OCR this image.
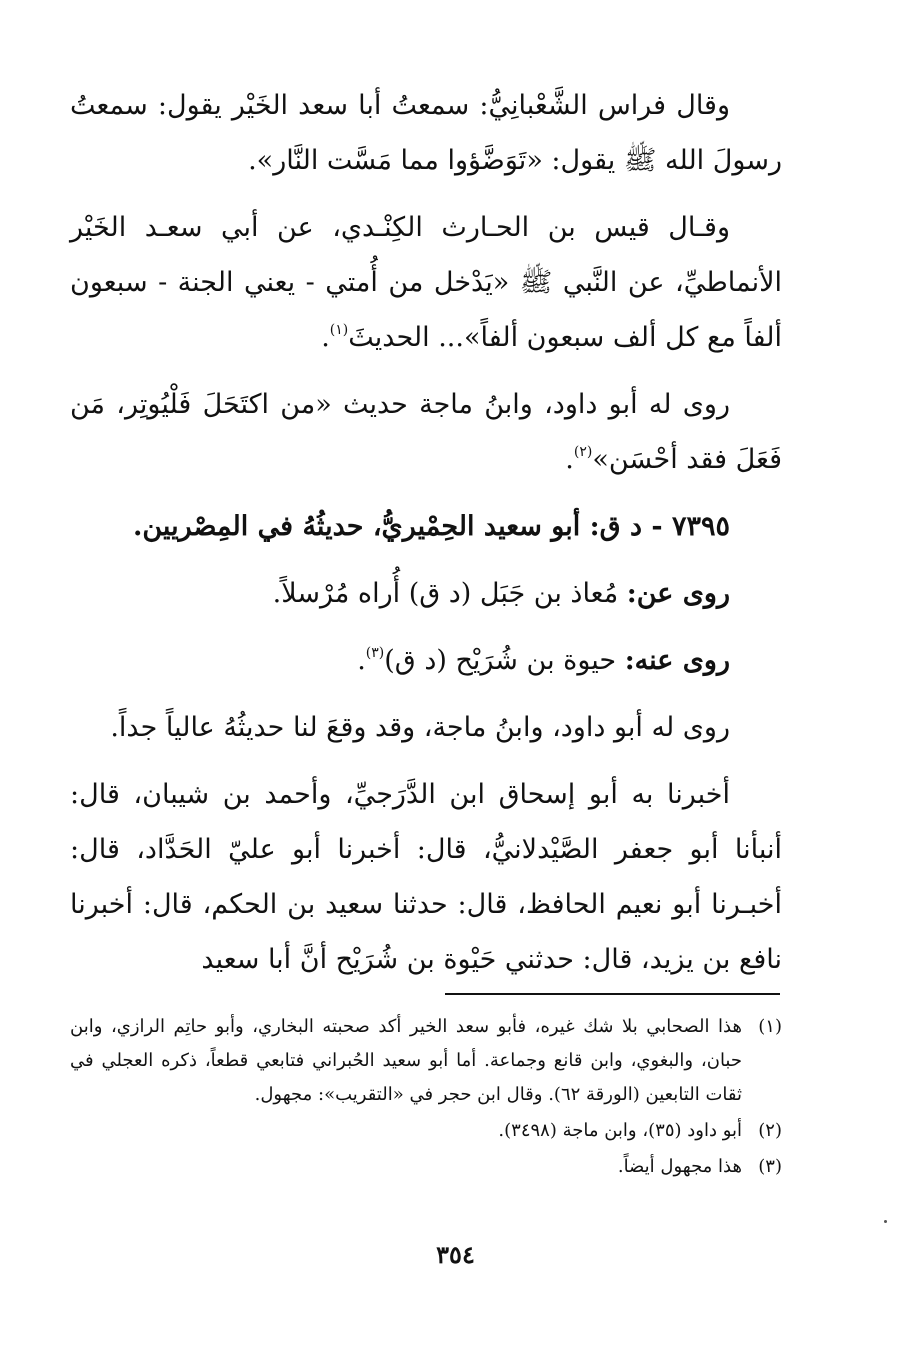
وقال فراس الشَّعْبانِيُّ: سمعتُ أبا سعد الخَيْر يقول: سمعتُ رسولَ الله ﷺ يقول: «تَوَضَّؤوا مما مَسَّت النَّار».

وقـال قيس بن الحـارث الكِنْـدي، عن أبي سعـد الخَيْر الأنماطيِّ، عن النَّبي ﷺ «يَدْخل من أُمتي - يعني الجنة - سبعون ألفاً مع كل ألف سبعون ألفاً»... الحديثَ$^{(١)}$.

روى له أبو داود، وابنُ ماجة حديث «من اكتَحَلَ فَلْيُوتِر، مَن فَعَلَ فقد أحْسَن»$^{(٢)}$.

٧٣٩٥ - د ق: أبو سعيد الحِمْيريُّ، حديثُهُ في المِصْريين.

روى عن: مُعاذ بن جَبَل (د ق) أُراه مُرْسلاً.

روى عنه: حيوة بن شُرَيْح (د ق)$^{(٣)}$.

روى له أبو داود، وابنُ ماجة، وقد وقعَ لنا حديثُهُ عالياً جداً.

أخبرنا به أبو إسحاق ابن الدَّرَجيِّ، وأحمد بن شيبان، قال: أنبأنا أبو جعفر الصَّيْدلانيُّ، قال: أخبرنا أبو عليّ الحَدَّاد، قال: أخبـرنا أبو نعيم الحافظ، قال: حدثنا سعيد بن الحكم، قال: أخبرنا نافع بن يزيد، قال: حدثني حَيْوة بن شُرَيْح أنَّ أبا سعيد

(١)
هذا الصحابي بلا شك غيره، فأبو سعد الخير أكد صحبته البخاري، وأبو حاتِم الرازي، وابن حبان، والبغوي، وابن قانع وجماعة. أما أبو سعيد الحُبراني فتابعي قطعاً، ذكره العجلي في ثقات التابعين (الورقة ٦٢). وقال ابن حجر في «التقريب»: مجهول.
(٢)
أبو داود (٣٥)، وابن ماجة (٣٤٩٨).
(٣)
هذا مجهول أيضاً.
٣٥٤
